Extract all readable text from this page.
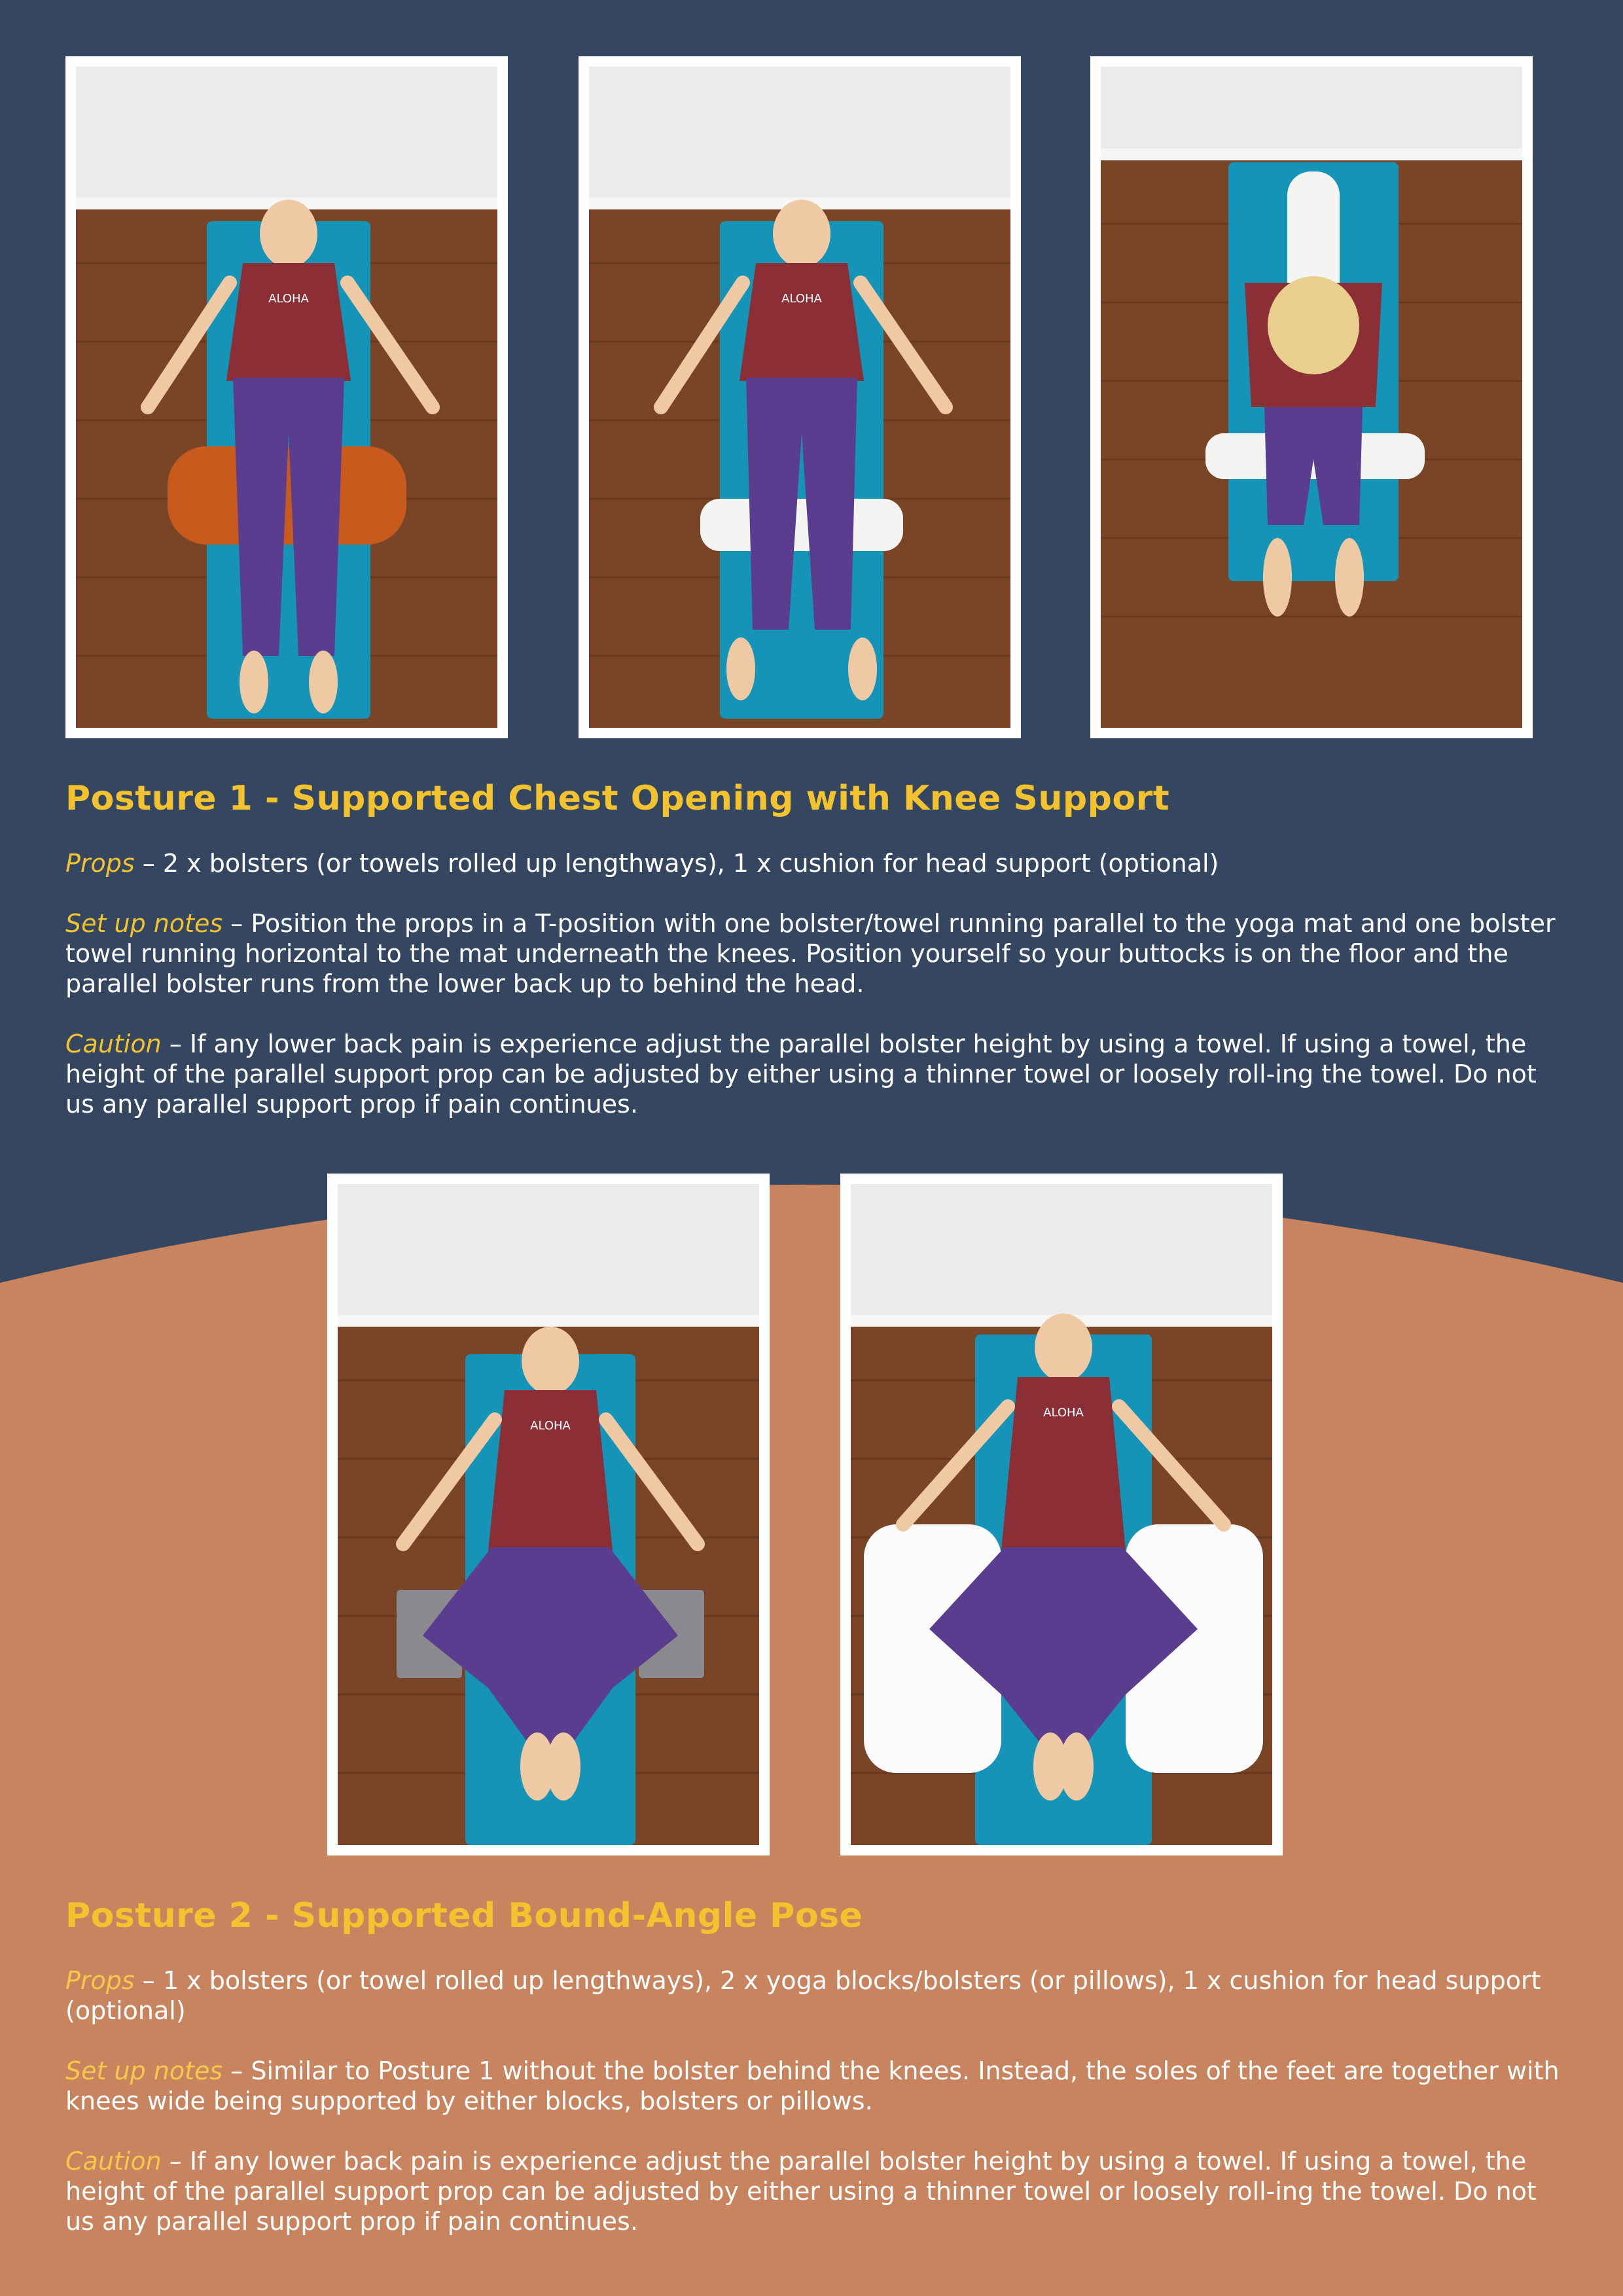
ALOHA	ALOHA
Posture 1 - Supported Chest Opening with Knee Support

Props – 2 x bolsters (or towels rolled up lengthways), 1 x cushion for head support (optional)

Set up notes – Position the props in a T-position with one bolster/towel running parallel to the yoga mat and one bolster towel running horizontal to the mat underneath the knees. Position yourself so your buttocks is on the floor and the parallel bolster runs from the lower back up to behind the head.

Caution – If any lower back pain is experience adjust the parallel bolster height by using a towel. If using a towel, the height of the parallel support prop can be adjusted by either using a thinner towel or loosely roll-ing the towel. Do not us any parallel support prop if pain continues.

ALOHA
ALOHA
Posture 2 - Supported Bound-Angle Pose

Props – 1 x bolsters (or towel rolled up lengthways), 2 x yoga blocks/bolsters (or pillows), 1 x cushion for head support (optional)

Set up notes – Similar to Posture 1 without the bolster behind the knees. Instead, the soles of the feet are together with knees wide being supported by either blocks, bolsters or pillows.

Caution – If any lower back pain is experience adjust the parallel bolster height by using a towel. If using a towel, the height of the parallel support prop can be adjusted by either using a thinner towel or loosely roll-ing the towel. Do not us any parallel support prop if pain continues.
